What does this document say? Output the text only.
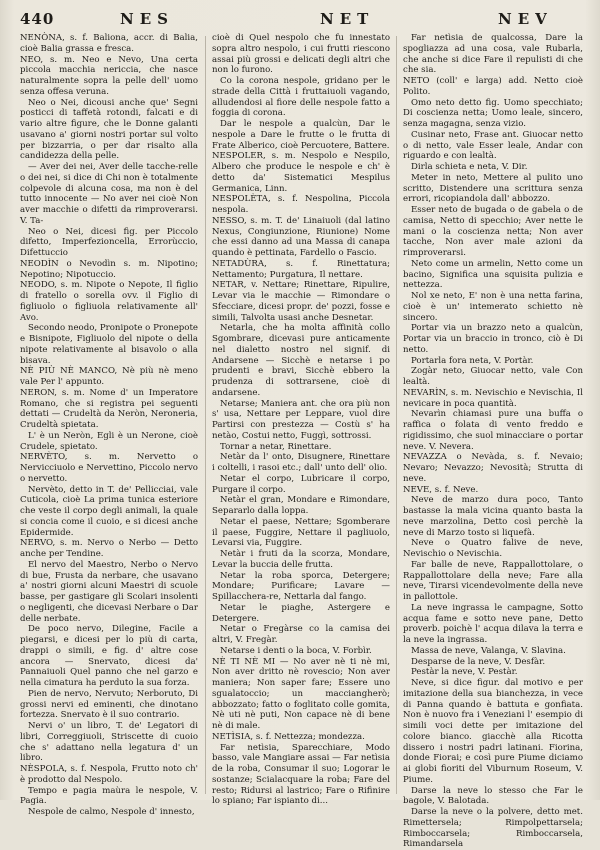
440	NES	NET	NEV

NENÒNA, s. f. Baliona, accr. di Balia, cioè Balia grassa e fresca.

NEO, s. m. Neo e Nevo, Una certa piccola macchia nericcia, che nasce naturalmente sopra la pelle dell' uomo senza offesa veruna.

Neo o Nei, dicousi anche que' Segni posticci di taffetà rotondi, falcati e di vario altre figure, che le Donne galanti usavano a' giorni nostri portar sul volto per bizzarria, o per dar risalto alla candidezza della pelle.

— Aver dei nei, Aver delle tacche-relle o dei nei, si dice di Chi non è totalmente colpevole di alcuna cosa, ma non è del tutto innocente — No aver nei cioè Non aver macchie o difetti da rimproverarsi. V. Ta-

Neo o Nei, dicesi fig. per Piccolo difetto, Imperfezioncella, Errorùccio, Difettuccio

NEODÌN o Nevodìn s. m. Nipotino; Nepotino; Nipotuccio.

NEODO, s. m. Nipote o Nepote, Il figlio di fratello o sorella ovv. il Figlio di figliuolo o figliuola relativamente all' Avo.

Secondo neodo, Pronipote o Pronepote e Bisnipote, Figliuolo del nipote o della nipote relativamente al bisavolo o alla bisava.

NÈ PIÙ NÈ MANCO, Nè più nè meno vale Per l' appunto.

NERON, s. m. Nome d' un Imperatore Romano, che si registra pei seguenti dettati — Crudeltà da Neròn, Neroneria, Crudeltà spietata.

L' è un Neròn, Egli è un Nerone, cioè Crudele, spietato.

NERVÈTO, s. m. Nervetto o Nervicciuolo e Nervettino, Piccolo nervo o nervetto.

Nervèto, detto in T. de' Pellicciai, vale Cuticola, cioè La prima tunica esteriore che veste il corpo degli animali, la quale si concia come il cuoio, e si dicesi anche Epidermide.

NERVO, s. m. Nervo o Nerbo — Detto anche per Tendine.

El nervo del Maestro, Nerbo o Nervo di bue, Frusta da nerbare, che usavano a' nostri giorni alcuni Maestri di scuole basse, per gastigare gli Scolari insolenti o negligenti, che dicevasi Nerbare o Dar delle nerbate.

De poco nervo, Dilegine, Facile a piegarsi, e dicesi per lo più di carta, drappi o simili, e fig. d' altre cose ancora — Snervato, dicesi da' Pannaiuoli Quel panno che nel garzo e nella cimatura ha perduto la sua forza.

Pien de nervo, Nervuto; Nerboruto, Di grossi nervi ed eminenti, che dinotano fortezza. Snervato è il suo contrario.

Nervi o' un libro, T. de' Legatori di libri, Correggiuoli, Striscette di cuoio che s' adattano nella legatura d' un libro.

NÈSPOLA, s. f. Nespola, Frutto noto ch' è prodotto dal Nespolo.

Tempo e pagia maùra le nespole, V. Pagia.

Nespole de calmo, Nespole d' innesto,

cioè di Quel nespolo che fu innestato sopra altro nespolo, i cui frutti riescono assai più grossi e delicati degli altri che non lo furono.

Co la corona nespole, gridano per le strade della Città i fruttaiuoli vagando, alludendosi al fiore delle nespole fatto a foggia di corona.

Dar le nespole a qualcùn, Dar le nespole a Dare le frutte o le frutta di Frate Alberico, cioè Percuotere, Battere.

NESPOLER, s. m. Nespolo e Nespilo, Albero che produce le nespole e ch' è detto da' Sistematici Mespilus Germanica, Linn.

NESPOLÈTA, s. f. Nespolina, Piccola nespola.

NESSO, s. m. T. de' Linaiuoli (dal latino Nexus, Congiunzione, Riunione) Nome che essi danno ad una Massa di canapa quando è pettinata, Fardello o Fascio.

NETADÙRA, s. f. Rinettatura; Nettamento; Purgatura, Il nettare.

NETAR, v. Nettare; Rinettare, Ripulire, Levar via le macchie — Rimondare o Sfecciare, dicesi propr. de' pozzi, fosse e simili, Talvolta usasi anche Desnetar.

Netarla, che ha molta affinità collo Sgombrare, dicevasi pure anticamente nel dialetto nostro nel signif. di Andarsene — Sicchè e netarse i po prudenti e bravi, Sicchè ebbero la prudenza di sottrarsene, cioè di andarsene.

Netarse; Maniera ant. che ora più non s' usa, Nettare per Leppare, vuol dire Partirsi con prestezza — Costù s' ha netào, Costui netto, Fuggì, sottrossi.

Tornar a netar, Rinettare.

Netàr da l' onto, Disugnere, Rinettare i coltelli, i rasoi etc.; dall' unto dell' olio.

Netar el corpo, Lubricare il corpo, Purgare il corpo.

Netàr el gran, Mondare e Rimondare, Separarlo dalla loppa.

Netar el paese, Nettare; Sgomberare il paese, Fuggire, Nettare il pagliuolo, Levarsi via, Fuggire.

Netàr i fruti da la scorza, Mondare, Levar la buccia delle frutta.

Netar la roba sporca, Detergere; Mondare; Purificare; Lavare — Spillacchera-re, Nettarla dal fango.

Netar le piaghe, Astergere e Detergere.

Netar o Fregàrse co la camisa dei altri, V. Fregàr.

Netarse i denti o la boca, V. Forbìr.

NÈ TI NÈ MI — No aver nè ti nè mi, Non aver dritto nè rovescio; Non aver maniera; Non saper fare; Essere uno sgualatoccio; un macciangherò; abbozzato; fatto o foglitato colle gomita, Nè uti nè puti, Non capace nè di bene nè di male.

NETÌSIA, s. f. Nettezza; mondezza.

Far netìsia, Sparecchiare, Modo basso, vale Mangiare assai — Far netìsia de la roba, Consumar il suo; Logorar le sostanze; Scialacquare la roba; Fare del resto; Ridursi al lastrico; Fare o Rifinire lo spiano; Far ispianto di...

Far netìsia de qualcossa, Dare la spogliazza ad una cosa, vale Rubarla, che anche si dice Fare il repulisti di che che sia.

NETO (coll' e larga) add. Netto cioè Polito.

Omo neto detto fig. Uomo specchiato; Di coscienza netta; Uomo leale, sincero, senza magagna, senza vizio.

Cusinar neto, Frase ant. Giuocar netto o di netto, vale Esser leale, Andar con riguardo e con lealtà.

Dirla schieta e neta, V. Dir.

Meter in neto, Mettere al pulito uno scritto, Distendere una scrittura senza errori, ricopiandola dall' abbozzo.

Esser neto de bugada o de gabela o de camisa, Netto di specchio; Aver nette le mani o la coscienza netta; Non aver tacche, Non aver male azioni da rimproverarsi.

Neto come un armelin, Netto come un bacino, Significa una squisita pulizia e nettezza.

Nol xe neto, E' non è una netta farina, cioè è un' intemerato schietto nè sincero.

Portar via un brazzo neto a qualcùn, Portar via un braccio in tronco, ciò è Di netto.

Portarla fora neta, V. Portàr.

Zogàr neto, Giuocar netto, vale Con lealtà.

NEVARÌN, s. m. Nevischio e Nevischia, Il nevicare in poca quantità.

Nevarìn chiamasi pure una buffa o raffica o folata di vento freddo e rigidissimo, che suol minacciare o portar neve. V. Nevera.

NEVAZZA o Nevàda, s. f. Nevaio; Nevaro; Nevazzo; Nevosità; Strutta di neve.

NEVE, s. f. Neve.

Neve de marzo dura poco, Tanto bastasse la mala vicina quanto basta la neve marzolina, Detto così perchè la neve di Marzo tosto si liquefà.

Neve o Quatro falive de neve, Nevischio o Nevischia.

Far balle de neve, Rappallottolare, o Rappallottolare della neve; Fare alla neve, Tirarsi vicendevolmente della neve in pallottole.

La neve ingrassa le campagne, Sotto acqua fame e sotto neve pane, Detto proverb. poichè l' acqua dilava la terra e la neve la ingrassa.

Massa de neve, Valanga, V. Slavina.

Desparse de la neve, V. Desfàr.

Pestàr la neve, V. Pestàr.

Neve, si dice figur. dal motivo e per imitazione della sua bianchezza, in vece di Panna quando è battuta e gonfiata. Non è nuovo fra i Veneziani l' esempio di simili voci dette per imitazione del colore bianco. giacchè alla Ricotta dissero i nostri padri latinani. Fiorina, donde Fiorai; e così pure Piume diciamo ai globi fioriti del Viburnum Roseum, V. Piume.

Darse la neve lo stesso che Far le bagole, V. Balotada.

Darse la neve o la polvere, detto met. Rimettersela; Rimpolpettarsela; Rimboccarsela; Rimboccarsela, Rimandarsela
